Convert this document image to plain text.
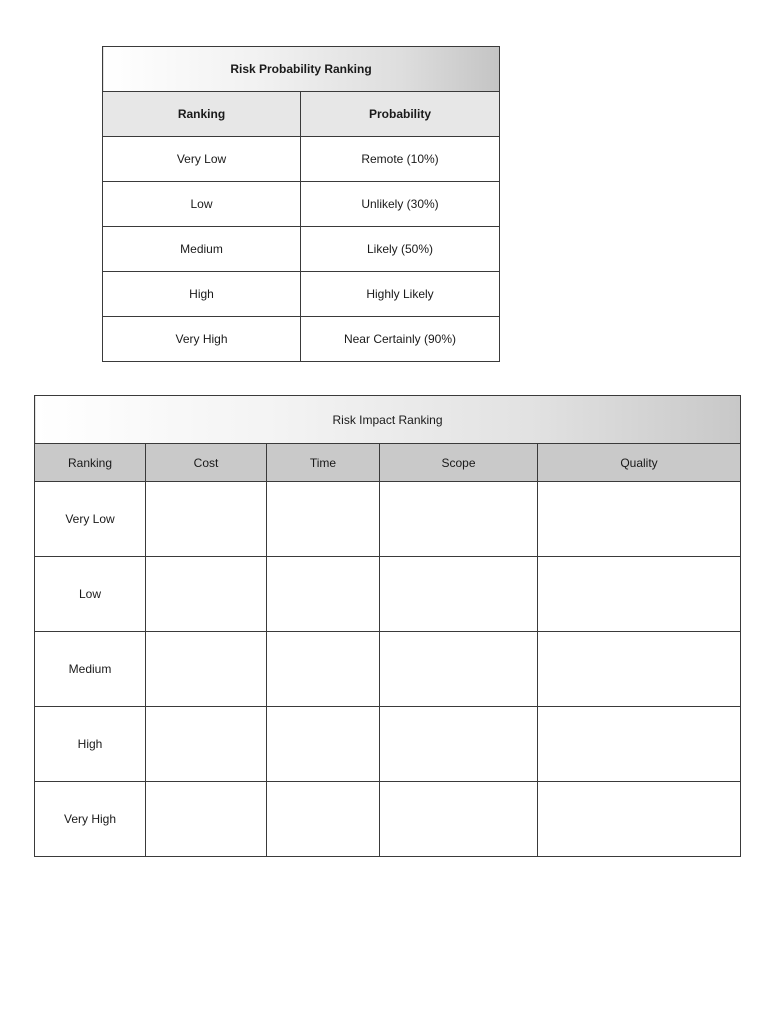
Risk Probability Ranking	
Ranking	Probability
Very Low	Remote (10%)
Low	Unlikely (30%)
Medium	Likely (50%)
High	Highly Likely
Very High	Near Certainly (90%)
Risk Impact Ranking				
Ranking	Cost	Time	Scope	Quality
Very Low				
Low				
Medium				
High				
Very High				
